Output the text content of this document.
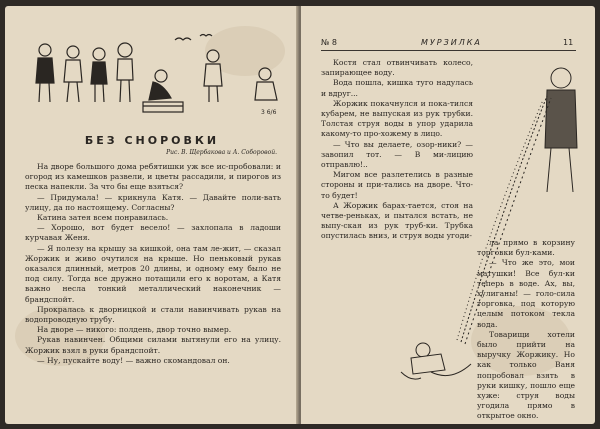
3 6/6
БЕЗ СНОРОВКИ
Рис. В. Щербакова и А. Соборовой.

На дворе большого дома ребятишки уж все ис-пробовали: и огород из камешков развели, и цветы рассадили, и пирогов из песка напекли. За что бы еще взяться?

— Придумала! — крикнула Катя. — Давайте поли-вать улицу, да по настоящему. Согласны?

Катина затея всем понравилась.

— Хорошо, вот будет весело! — захлопала в ладоши курчавая Женя.

— Я полезу на крышу за кишкой, она там ле-жит, — сказал Жоржик и живо очутился на крыше. Но пеньковый рукав оказался длинный, метров 20 длины, и одному ему было не под силу. Тогда все дружно потащили его к воротам, а Катя важно несла тонкий металлический наконечник — брандспойт.

Прокралась к дворницкой и стали навинчивать рукав на водопроводную трубу.

На дворе — никого: полдень, двор точно вымер.

Рукав навинчен. Общими силами вытянули его на улицу. Жоржик взял в руки брандспойт.

— Ну, пускайте воду! — важно скомандовал он.

№ 8	МУРЗИЛКА	11

Костя стал отвинчивать колесо, запирающее воду.

Вода пошла, кишка туго надулась и вдруг...

Жоржик покачнулся и пока-тился кубарем, не выпуская из рук трубки. Толстая струя воды в упор ударила какому-то про-хожему в лицо.

— Что вы делаете, озор-ники? — завопил тот. — В ми-лицию отправлю!..

Мигом все разлетелись в разные стороны и при-тались на дворе. Что-то будет!

А Жоржик барах-тается, стоя на четве-реньках, и пытался встать, не выпу-ская из рук труб-ки. Трубка опустилась вниз, и струя воды угоди-

ла прямо в корзину торговки бул-ками.

— Что же это, мои матушки! Все бул-ки теперь в воде. Ах, вы, хулиганы! — голо-сила торговка, под которую целым потоком текла вода.

Товарищи хотели было прийти на выручку Жоржику. Но как только Ваня попробовал взять в руки кишку, пошло еще хуже: струя воды угодила прямо в открытое окно.
